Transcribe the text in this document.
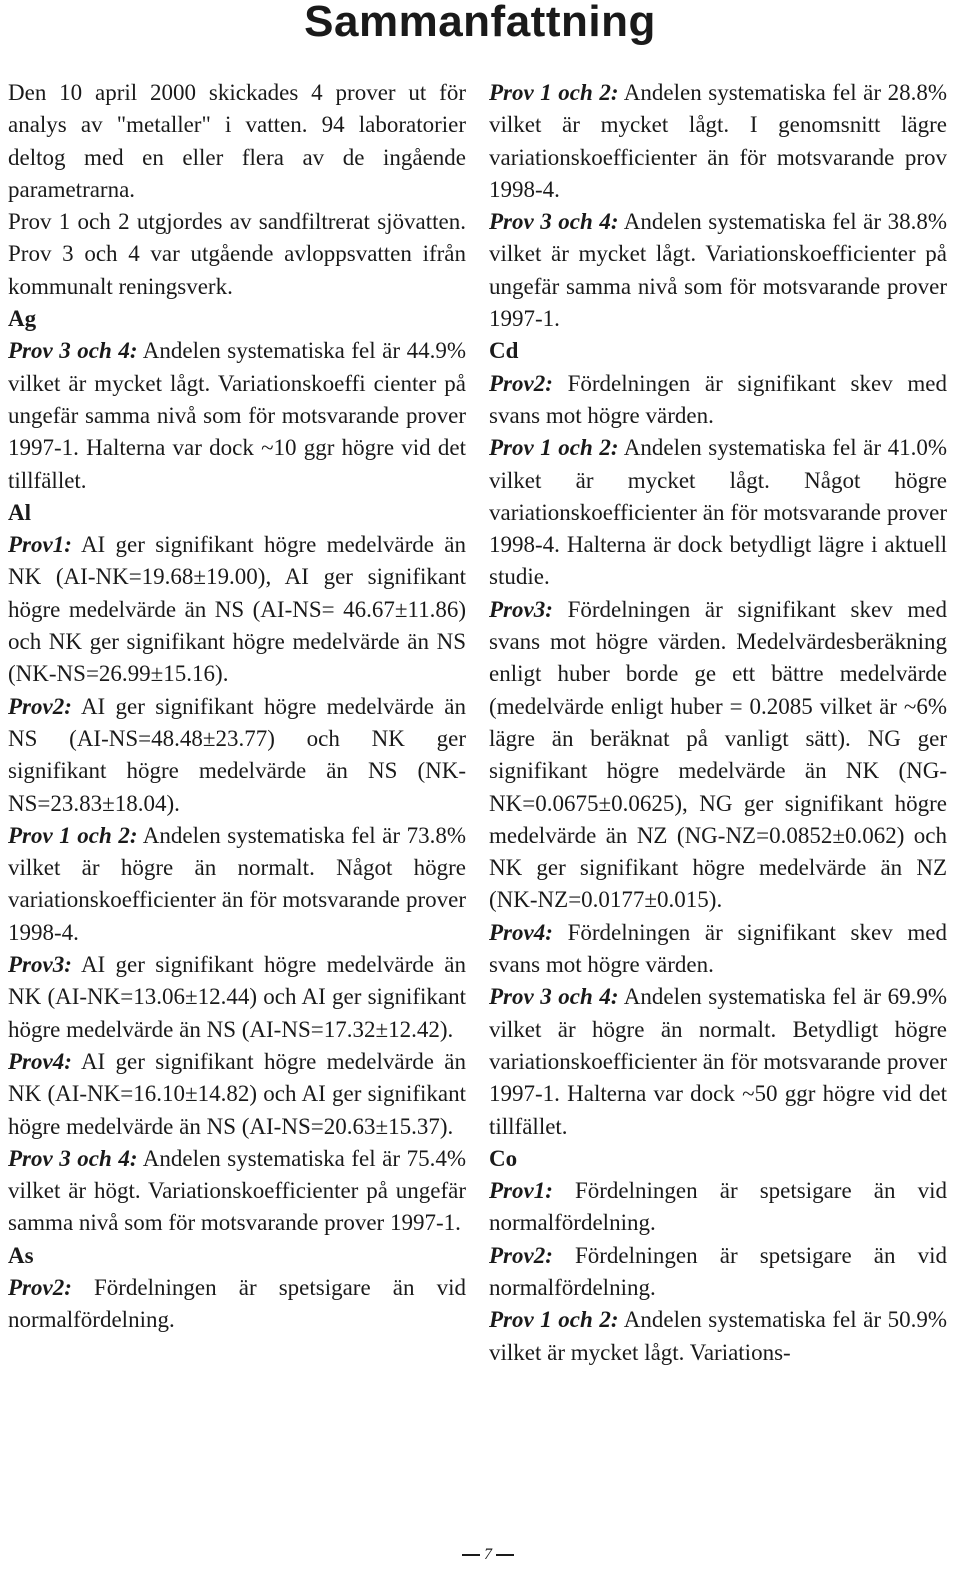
Sammanfattning

Den 10 april 2000 skickades 4 prover ut för analys av "metaller" i vatten. 94 laboratorier deltog med en eller flera av de ingående parametrarna.

Prov 1 och 2 utgjordes av sandfiltrerat sjövatten. Prov 3 och 4 var utgående avloppsvatten ifrån kommunalt reningsverk.

Ag

Prov 3 och 4: Andelen systematiska fel är 44.9% vilket är mycket lågt. Variationskoeffi cienter på ungefär samma nivå som för motsvarande prover 1997-1. Halterna var dock ~10 ggr högre vid det tillfället.

Al

Prov1: AI ger signifikant högre medelvärde än NK (AI-NK=19.68±19.00), AI ger signifikant högre medelvärde än NS (AI-NS= 46.67±11.86) och NK ger signifikant högre medelvärde än NS (NK-NS=26.99±15.16).

Prov2: AI ger signifikant högre medelvärde än NS (AI-NS=48.48±23.77) och NK ger signifikant högre medelvärde än NS (NK-NS=23.83±18.04).

Prov 1 och 2: Andelen systematiska fel är 73.8% vilket är högre än normalt. Något högre variationskoefficienter än för motsvarande prover 1998-4.

Prov3: AI ger signifikant högre medelvärde än NK (AI-NK=13.06±12.44) och AI ger signifikant högre medelvärde än NS (AI-NS=17.32±12.42).

Prov4: AI ger signifikant högre medelvärde än NK (AI-NK=16.10±14.82) och AI ger signifikant högre medelvärde än NS (AI-NS=20.63±15.37).

Prov 3 och 4: Andelen systematiska fel är 75.4% vilket är högt. Variationskoefficienter på ungefär samma nivå som för motsvarande prover 1997-1.

As

Prov2: Fördelningen är spetsigare än vid normalfördelning.

Prov 1 och 2: Andelen systematiska fel är 28.8% vilket är mycket lågt. I genomsnitt lägre variationskoefficienter än för motsvarande prov 1998-4.

Prov 3 och 4: Andelen systematiska fel är 38.8% vilket är mycket lågt. Variationskoefficienter på ungefär samma nivå som för motsvarande prover 1997-1.

Cd

Prov2: Fördelningen är signifikant skev med svans mot högre värden.

Prov 1 och 2: Andelen systematiska fel är 41.0% vilket är mycket lågt. Något högre variationskoefficienter än för motsvarande prover 1998-4. Halterna är dock betydligt lägre i aktuell studie.

Prov3: Fördelningen är signifikant skev med svans mot högre värden. Medelvärdesberäkning enligt huber borde ge ett bättre medelvärde (medelvärde enligt huber = 0.2085 vilket är ~6% lägre än beräknat på vanligt sätt). NG ger signifikant högre medelvärde än NK (NG-NK=0.0675±0.0625), NG ger signifikant högre medelvärde än NZ (NG-NZ=0.0852±0.062) och NK ger signifikant högre medelvärde än NZ (NK-NZ=0.0177±0.015).

Prov4: Fördelningen är signifikant skev med svans mot högre värden.

Prov 3 och 4: Andelen systematiska fel är 69.9% vilket är högre än normalt. Betydligt högre variationskoefficienter än för motsvarande prover 1997-1. Halterna var dock ~50 ggr högre vid det tillfället.

Co

Prov1: Fördelningen är spetsigare än vid normalfördelning.

Prov2: Fördelningen är spetsigare än vid normalfördelning.

Prov 1 och 2: Andelen systematiska fel är 50.9% vilket är mycket lågt. Variations-

7
